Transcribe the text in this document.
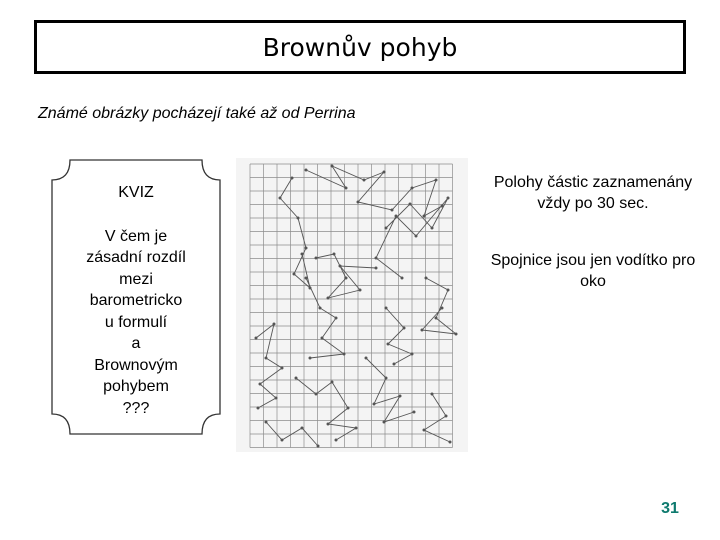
Brownův pohyb
Známé obrázky pocházejí také až od Perrina
KVIZ
V čem je
zásadní rozdíl
mezi
barometricko
u formulí
a
Brownovým
pohybem
???
Polohy částic zaznamenány vždy po 30 sec.
Spojnice jsou jen vodítko pro oko
31
